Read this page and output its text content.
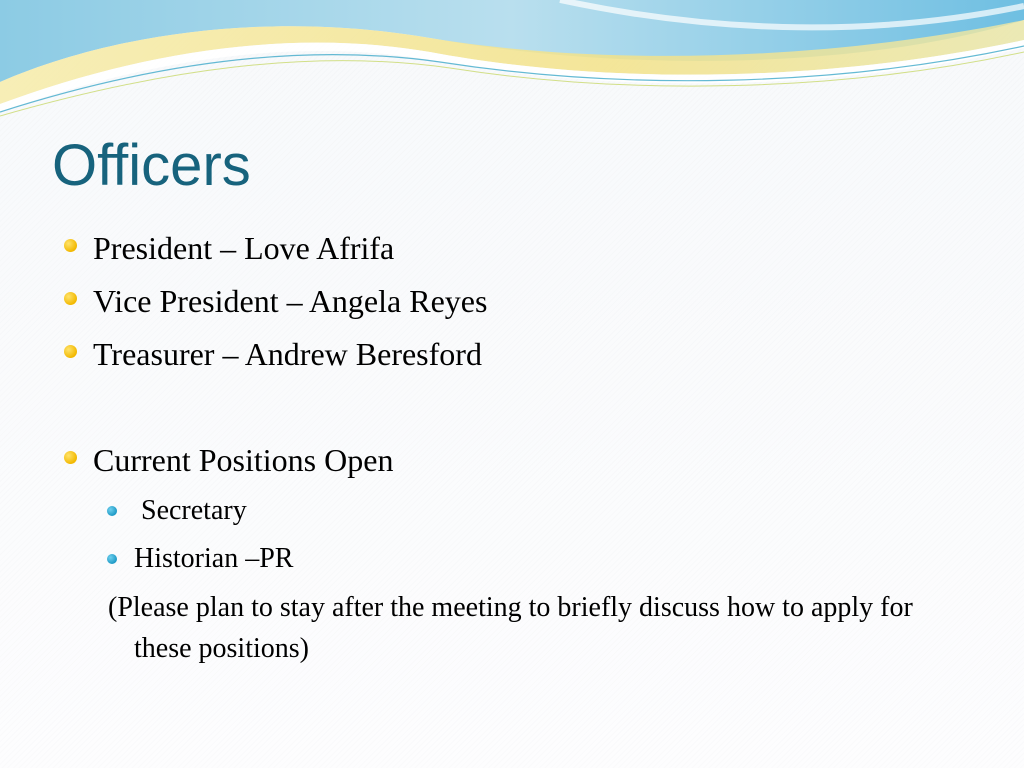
Officers
President – Love Afrifa
Vice President – Angela Reyes
Treasurer – Andrew Beresford
Current Positions Open
Secretary
Historian –PR
(Please plan to stay after the meeting to briefly discuss how to apply for these positions)
